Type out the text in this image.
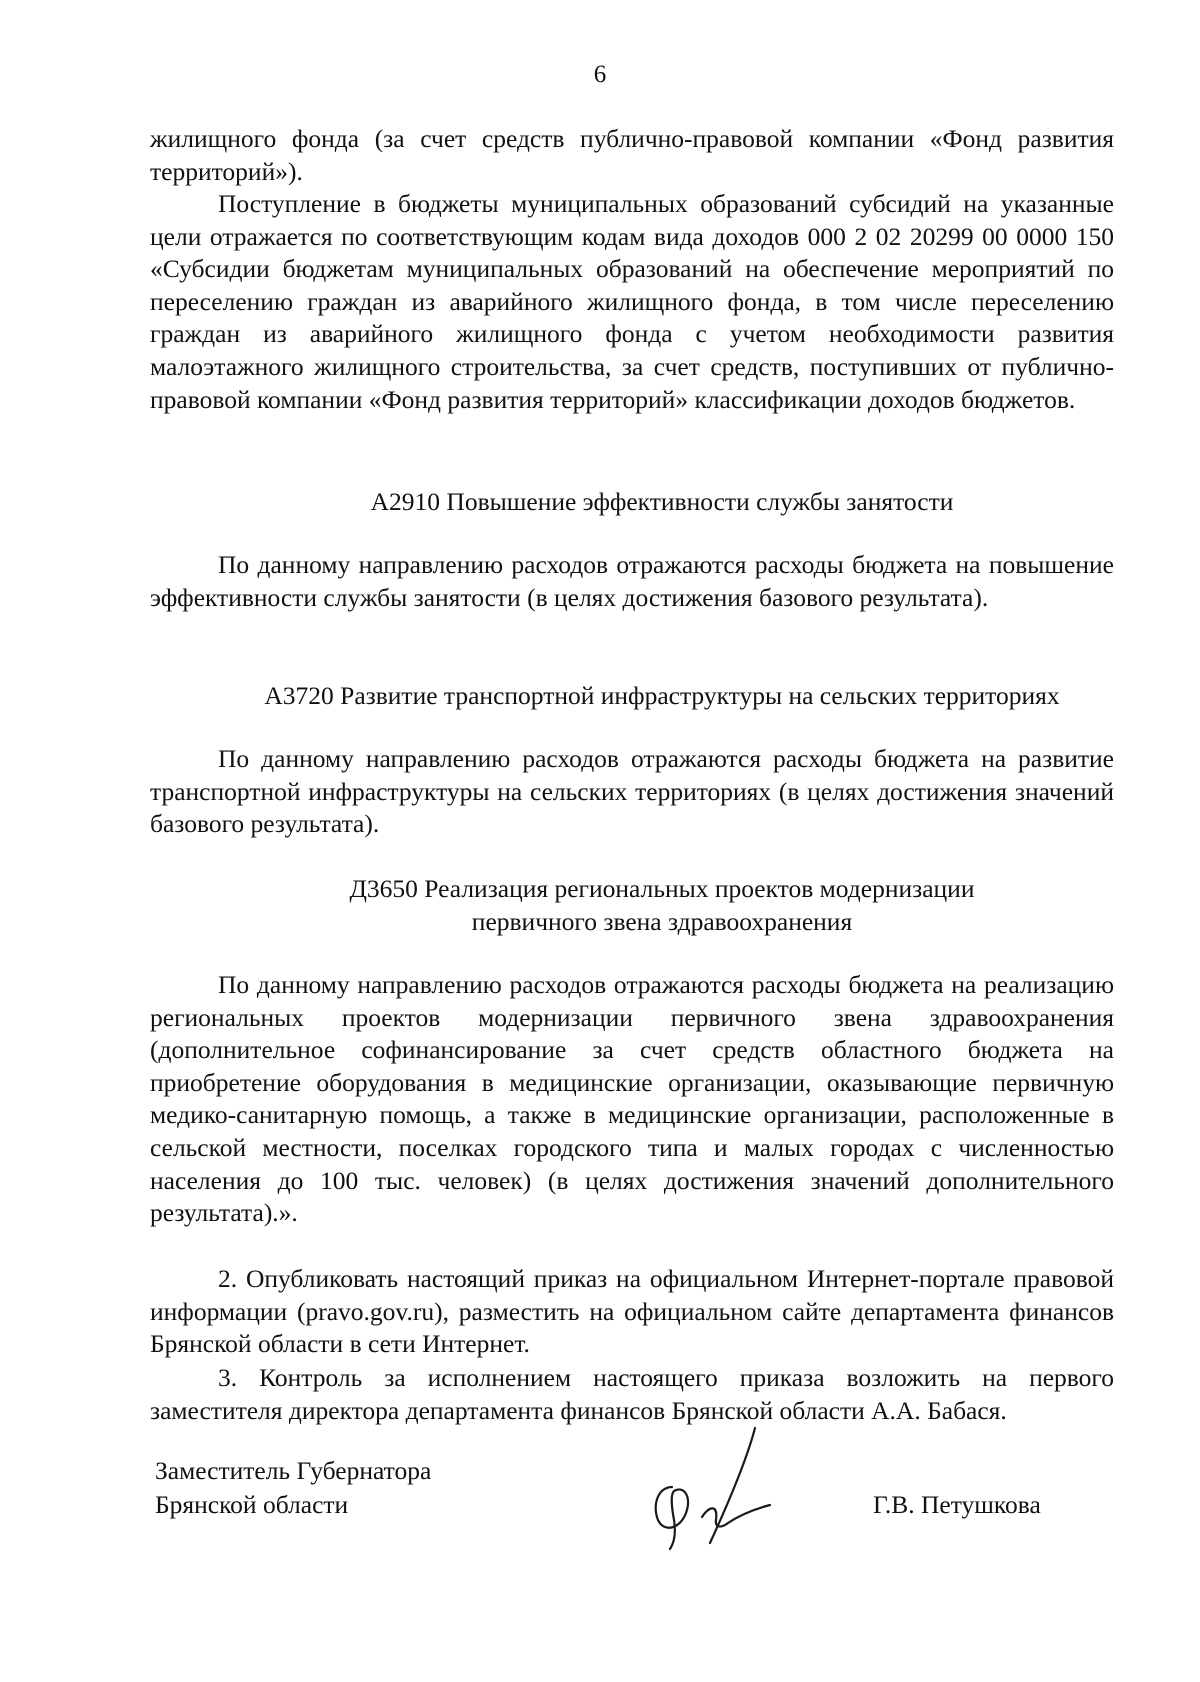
6

жилищного фонда (за счет средств публично-правовой компании «Фонд развития территорий»).

Поступление в бюджеты муниципальных образований субсидий на указанные цели отражается по соответствующим кодам вида доходов 000 2 02 20299 00 0000 150 «Субсидии бюджетам муниципальных образований на обеспечение мероприятий по переселению граждан из аварийного жилищного фонда, в том числе переселению граждан из аварийного жилищного фонда с учетом необходимости развития малоэтажного жилищного строительства, за счет средств, поступивших от публично-правовой компании «Фонд развития территорий» классификации доходов бюджетов.

А2910 Повышение эффективности службы занятости

По данному направлению расходов отражаются расходы бюджета на повышение эффективности службы занятости (в целях достижения базового результата).

А3720 Развитие транспортной инфраструктуры на сельских территориях

По данному направлению расходов отражаются расходы бюджета на развитие транспортной инфраструктуры на сельских территориях (в целях достижения значений базового результата).

Д3650 Реализация региональных проектов модернизации
первичного звена здравоохранения

По данному направлению расходов отражаются расходы бюджета на реализацию региональных проектов модернизации первичного звена здравоохранения (дополнительное софинансирование за счет средств областного бюджета на приобретение оборудования в медицинские организации, оказывающие первичную медико-санитарную помощь, а также в медицинские организации, расположенные в сельской местности, поселках городского типа и малых городах с численностью населения до 100 тыс. человек) (в целях достижения значений дополнительного результата).».

2. Опубликовать настоящий приказ на официальном Интернет-портале правовой информации (pravo.gov.ru), разместить на официальном сайте департамента финансов Брянской области в сети Интернет.

3. Контроль за исполнением настоящего приказа возложить на первого заместителя директора департамента финансов Брянской области А.А. Бабася.

Заместитель Губернатора
Брянской области	Г.В. Петушкова
